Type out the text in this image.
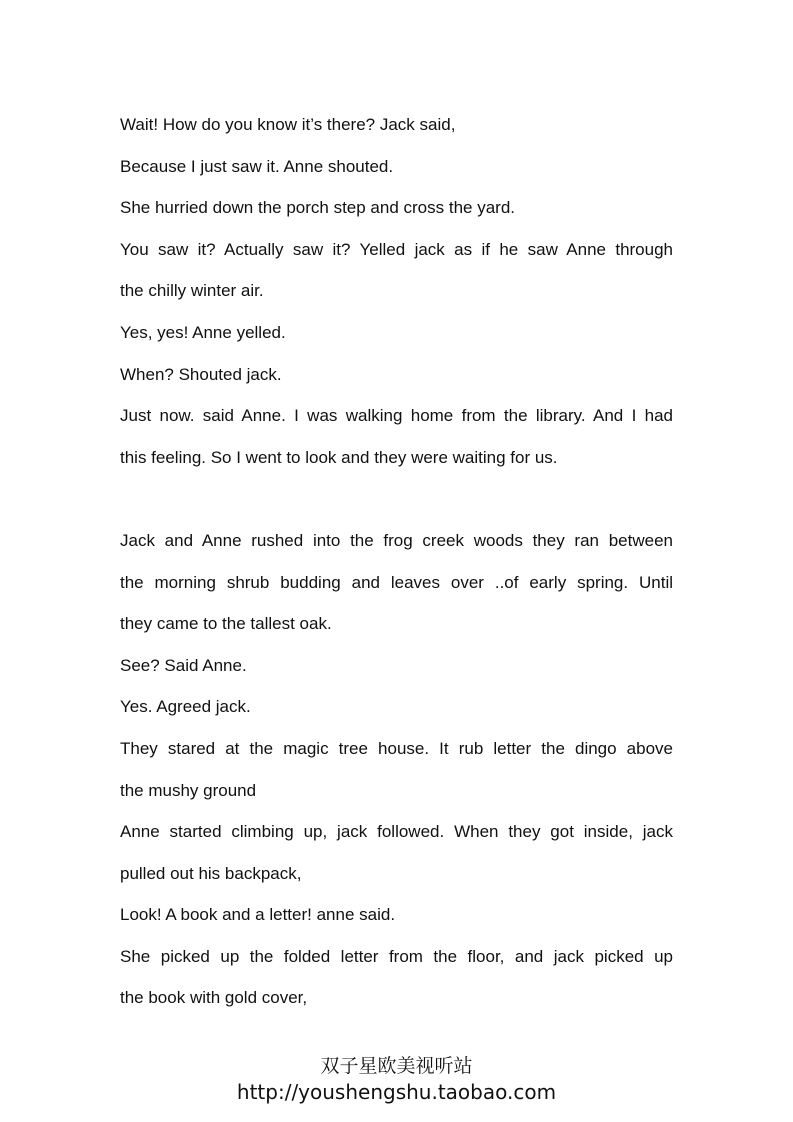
Wait! How do you know it’s there? Jack said,
Because I just saw it. Anne shouted.
She hurried down the porch step and cross the yard.
You saw it? Actually saw it? Yelled jack as if he saw Anne through
the chilly winter air.
Yes, yes! Anne yelled.
When? Shouted jack.
Just now. said Anne. I was walking home from the library. And I had
this feeling. So I went to look and they were waiting for us.
Jack and Anne rushed into the frog creek woods they ran between
the morning shrub budding and leaves over ..of early spring. Until
they came to the tallest oak.
See? Said Anne.
Yes. Agreed jack.
They stared at the magic tree house. It rub letter the dingo above
the mushy ground
Anne started climbing up, jack followed. When they got inside, jack
pulled out his backpack,
Look! A book and a letter! anne said.
She picked up the folded letter from the floor, and jack picked up
the book with gold cover,
双子星欧美视听站
http://youshengshu.taobao.com
